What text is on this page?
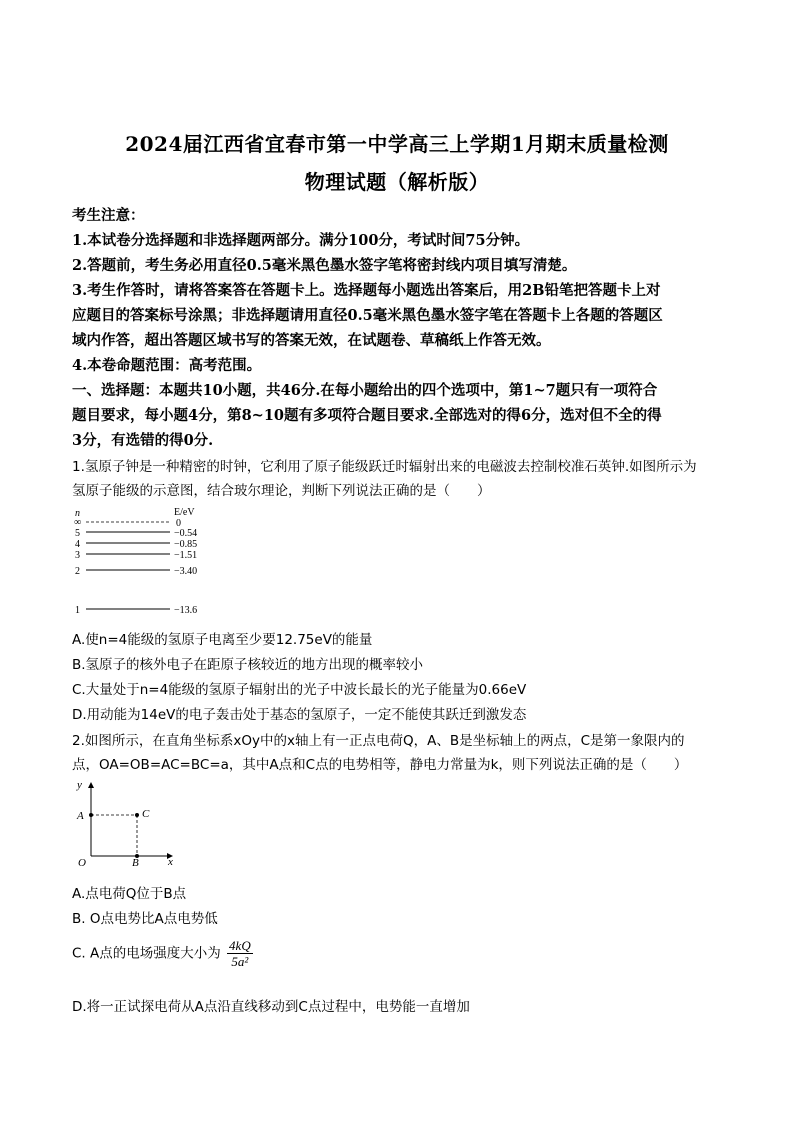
2024届江西省宜春市第一中学高三上学期1月期末质量检测
物理试题（解析版）
考生注意：
1.本试卷分选择题和非选择题两部分。满分100分，考试时间75分钟。
2.答题前，考生务必用直径0.5毫米黑色墨水签字笔将密封线内项目填写清楚。
3.考生作答时，请将答案答在答题卡上。选择题每小题选出答案后，用2B铅笔把答题卡上对
应题目的答案标号涂黑；非选择题请用直径0.5毫米黑色墨水签字笔在答题卡上各题的答题区
域内作答，超出答题区域书写的答案无效，在试题卷、草稿纸上作答无效。
4.本卷命题范围：高考范围。
一、选择题：本题共10小题，共46分.在每小题给出的四个选项中，第1~7题只有一项符合
题目要求，每小题4分，第8~10题有多项符合题目要求.全部选对的得6分，选对但不全的得
3分，有选错的得0分.
1.氢原子钟是一种精密的时钟，它利用了原子能级跃迁时辐射出来的电磁波去控制校准石英钟.如图所示为
氢原子能级的示意图，结合玻尔理论，判断下列说法正确的是（　　）
n	E/eV
∞
5
4
3
2
1
0
−0.54
−0.85
−1.51
−3.40
−13.6
A.使n=4能级的氢原子电离至少要12.75eV的能量
B.氢原子的核外电子在距原子核较近的地方出现的概率较小
C.大量处于n=4能级的氢原子辐射出的光子中波长最长的光子能量为0.66eV
D.用动能为14eV的电子轰击处于基态的氢原子，一定不能使其跃迁到激发态
2.如图所示，在直角坐标系xOy中的x轴上有一正点电荷Q，A、B是坐标轴上的两点，C是第一象限内的
点，OA=OB=AC=BC=a，其中A点和C点的电势相等，静电力常量为k，则下列说法正确的是（　　）
y
x
O
A	C
B
A.点电荷Q位于B点
B. O点电势比A点电势低
C. A点的电场强度大小为 $\frac{4kQ}{\text{5a²}}$
D.将一正试探电荷从A点沿直线移动到C点过程中，电势能一直增加
